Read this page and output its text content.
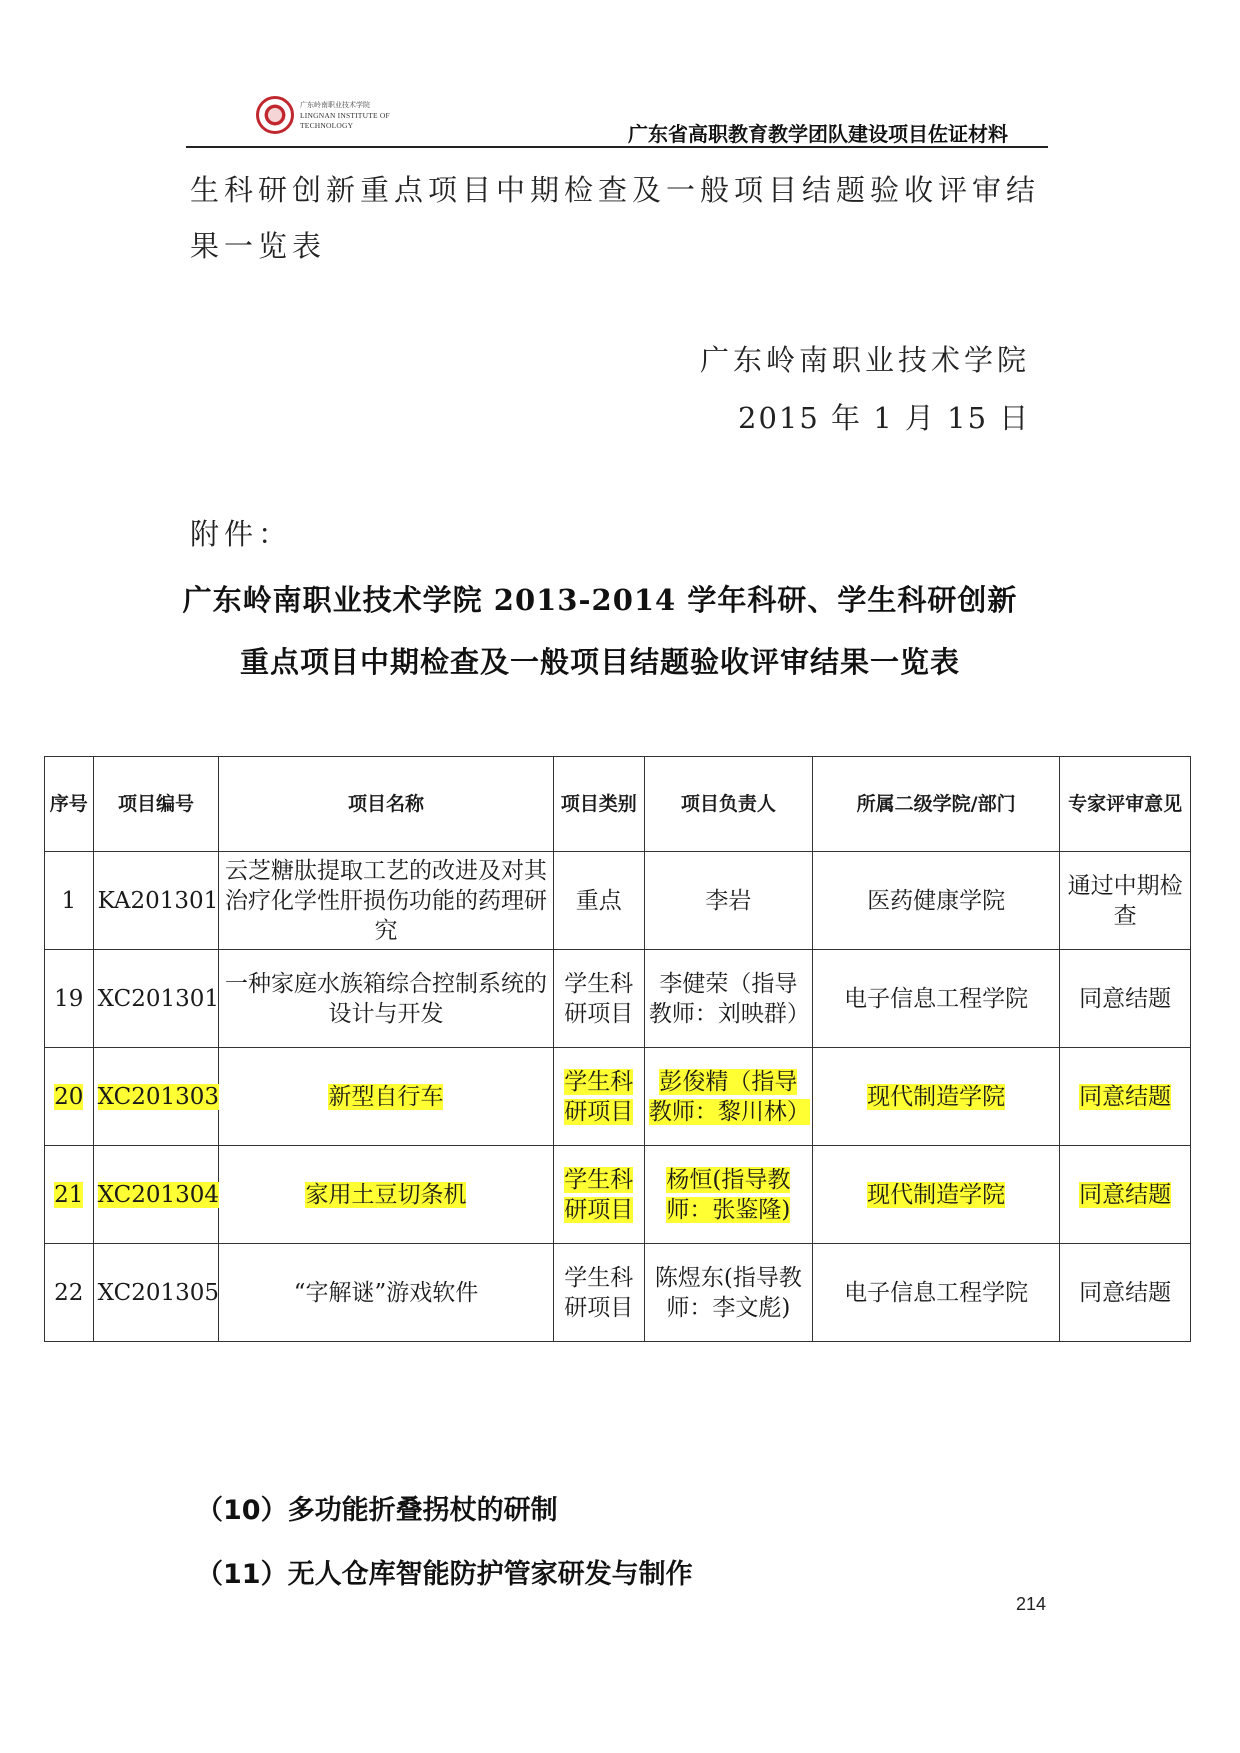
广东岭南职业技术学院
LINGNAN INSTITUTE OF TECHNOLOGY	广东省高职教育教学团队建设项目佐证材料
生科研创新重点项目中期检查及一般项目结题验收评审结
果一览表
广东岭南职业技术学院
2015 年 1 月 15 日
附件：
广东岭南职业技术学院 2013-2014 学年科研、学生科研创新
重点项目中期检查及一般项目结题验收评审结果一览表
序号	项目编号	项目名称	项目类别	项目负责人	所属二级学院/部门	专家评审意见
1	KA201301	云芝糖肽提取工艺的改进及对其治疗化学性肝损伤功能的药理研究	重点	李岩	医药健康学院	通过中期检查
19	XC201301	一种家庭水族箱综合控制系统的设计与开发	学生科研项目	李健荣（指导教师：刘映群）	电子信息工程学院	同意结题
20	XC201303	新型自行车	学生科研项目	彭俊精（指导教师：黎川林）	现代制造学院	同意结题
21	XC201304	家用土豆切条机	学生科研项目	杨恒(指导教师：张鉴隆)	现代制造学院	同意结题
22	XC201305	“字解谜”游戏软件	学生科研项目	陈煜东(指导教师：李文彪)	电子信息工程学院	同意结题
（10）多功能折叠拐杖的研制
（11）无人仓库智能防护管家研发与制作
214
